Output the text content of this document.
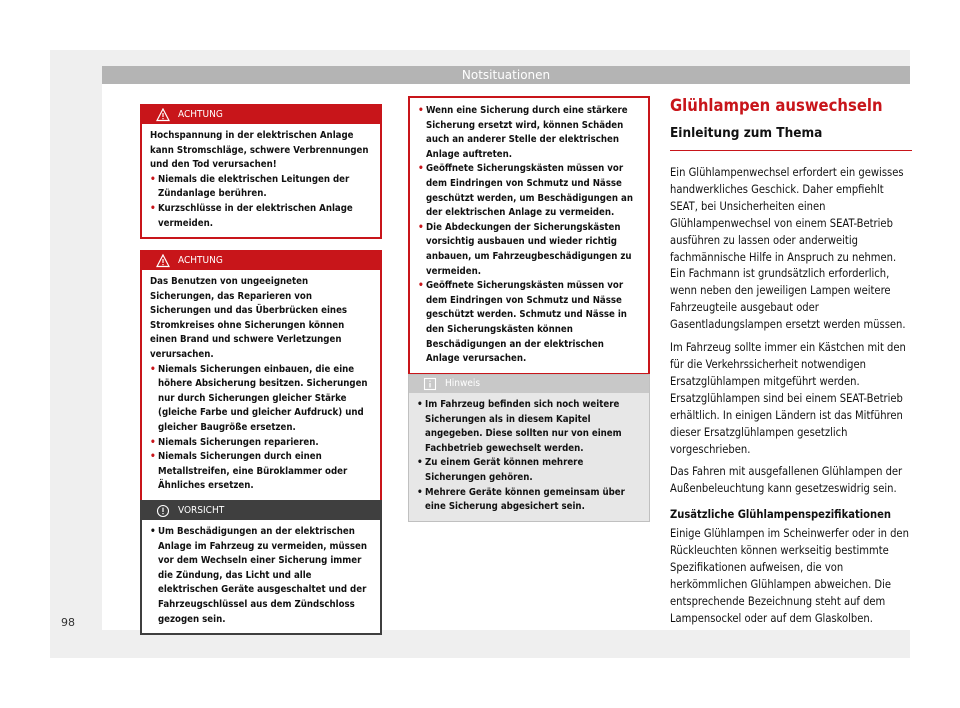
Notsituationen
ACHTUNG

Hochspannung in der elektrischen Anlage kann Stromschläge, schwere Verbrennungen und den Tod verursachen!

• Niemals die elektrischen Leitungen der Zündanlage berühren.
• Kurzschlüsse in der elektrischen Anlage vermeiden.
ACHTUNG

Das Benutzen von ungeeigneten Sicherungen, das Reparieren von Sicherungen und das Überbrücken eines Stromkreises ohne Sicherungen können einen Brand und schwere Verletzungen verursachen.

• Niemals Sicherungen einbauen, die eine höhere Absicherung besitzen. Sicherungen nur durch Sicherungen gleicher Stärke (gleiche Farbe und gleicher Aufdruck) und gleicher Baugröße ersetzen.
• Niemals Sicherungen reparieren.
• Niemals Sicherungen durch einen Metallstreifen, eine Büroklammer oder Ähnliches ersetzen.
VORSICHT
• Um Beschädigungen an der elektrischen Anlage im Fahrzeug zu vermeiden, müssen vor dem Wechseln einer Sicherung immer die Zündung, das Licht und alle elektrischen Geräte ausgeschaltet und der Fahrzeugschlüssel aus dem Zündschloss gezogen sein.
• Wenn eine Sicherung durch eine stärkere Sicherung ersetzt wird, können Schäden auch an anderer Stelle der elektrischen Anlage auftreten.
• Geöffnete Sicherungskästen müssen vor dem Eindringen von Schmutz und Nässe geschützt werden, um Beschädigungen an der elektrischen Anlage zu vermeiden.
• Die Abdeckungen der Sicherungskästen vorsichtig ausbauen und wieder richtig anbauen, um Fahrzeugbeschädigungen zu vermeiden.
• Geöffnete Sicherungskästen müssen vor dem Eindringen von Schmutz und Nässe geschützt werden. Schmutz und Nässe in den Sicherungskästen können Beschädigungen an der elektrischen Anlage verursachen.
Hinweis
• Im Fahrzeug befinden sich noch weitere Sicherungen als in diesem Kapitel angegeben. Diese sollten nur von einem Fachbetrieb gewechselt werden.
• Zu einem Gerät können mehrere Sicherungen gehören.
• Mehrere Geräte können gemeinsam über eine Sicherung abgesichert sein.
Glühlampen auswechseln
Einleitung zum Thema

Ein Glühlampenwechsel erfordert ein gewisses handwerkliches Geschick. Daher empfiehlt SEAT, bei Unsicherheiten einen Glühlampenwechsel von einem SEAT-Betrieb ausführen zu lassen oder anderweitig fachmännische Hilfe in Anspruch zu nehmen. Ein Fachmann ist grundsätzlich erforderlich, wenn neben den jeweiligen Lampen weitere Fahrzeugteile ausgebaut oder Gasentladungslampen ersetzt werden müssen.

Im Fahrzeug sollte immer ein Kästchen mit den für die Verkehrssicherheit notwendigen Ersatzglühlampen mitgeführt werden. Ersatzglühlampen sind bei einem SEAT-Betrieb erhältlich. In einigen Ländern ist das Mitführen dieser Ersatzglühlampen gesetzlich vorgeschrieben.

Das Fahren mit ausgefallenen Glühlampen der Außenbeleuchtung kann gesetzeswidrig sein.

Zusätzliche Glühlampenspezifikationen

Einige Glühlampen im Scheinwerfer oder in den Rückleuchten können werkseitig bestimmte Spezifikationen aufweisen, die von herkömmlichen Glühlampen abweichen. Die entsprechende Bezeichnung steht auf dem Lampensockel oder auf dem Glaskolben.

98
